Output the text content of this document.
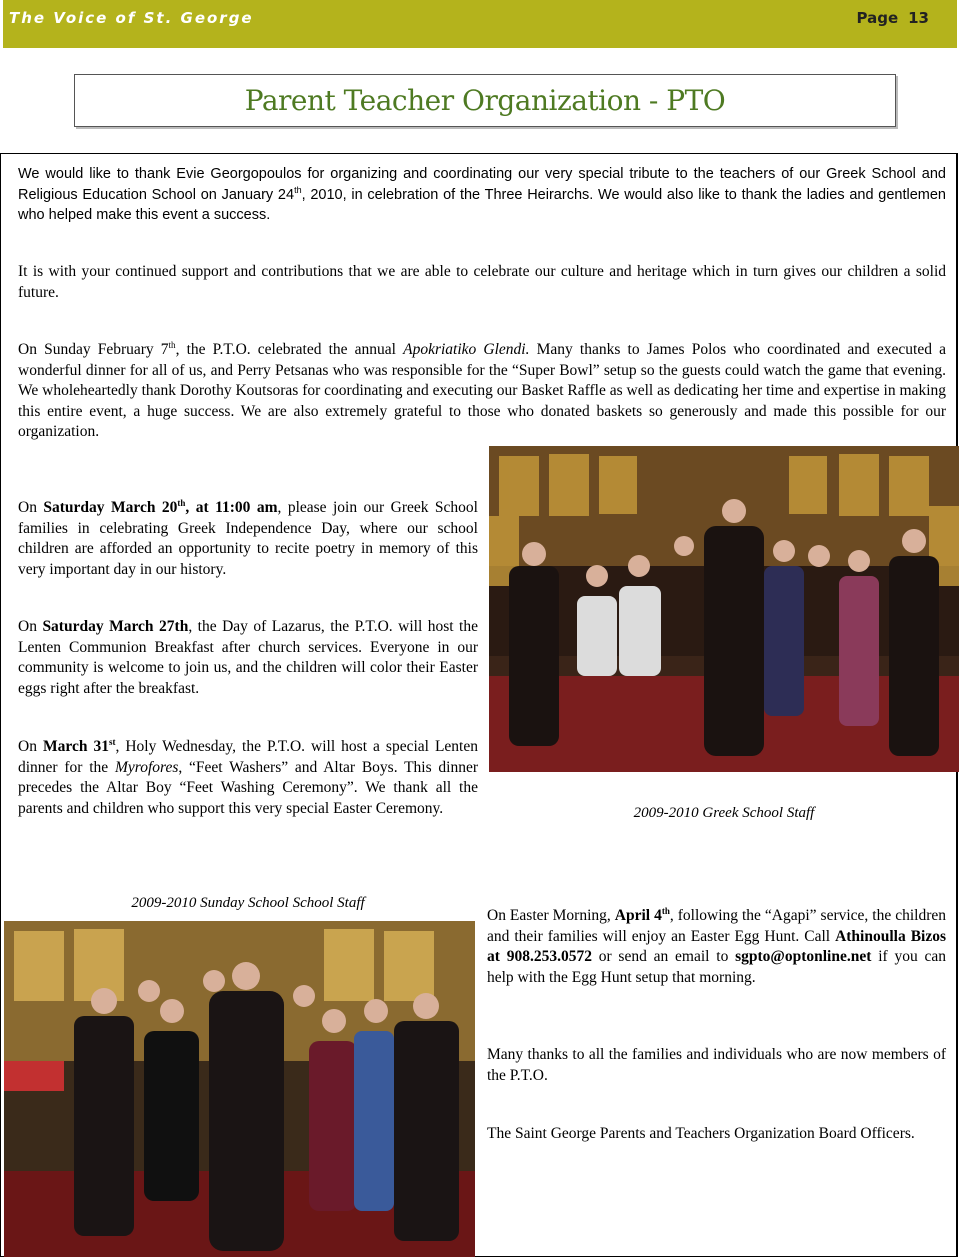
The Voice of St. George	Page 13
Parent Teacher Organization - PTO

We would like to thank Evie Georgopoulos for organizing and coordinating our very special tribute to the teachers of our Greek School and Religious Education School on January 24th, 2010, in celebration of the Three Heirarchs. We would also like to thank the ladies and gentlemen who helped make this event a success.

It is with your continued support and contributions that we are able to celebrate our culture and heritage which in turn gives our children a solid future.

On Sunday February 7th, the P.T.O. celebrated the annual Apokriatiko Glendi. Many thanks to James Polos who coordinated and executed a wonderful dinner for all of us, and Perry Petsanas who was responsible for the “Super Bowl” setup so the guests could watch the game that evening. We wholeheartedly thank Dorothy Koutsoras for coordinating and executing our Basket Raffle as well as dedicating her time and expertise in making this entire event, a huge success. We are also extremely grateful to those who donated baskets so generously and made this possible for our organization.

2009-2010 Greek School Staff

On Saturday March 20th, at 11:00 am, please join our Greek School families in celebrating Greek Independence Day, where our school children are afforded an opportunity to recite poetry in memory of this very important day in our history.

On Saturday March 27th, the Day of Lazarus, the P.T.O. will host the Lenten Communion Breakfast after church services. Everyone in our community is welcome to join us, and the children will color their Easter eggs right after the breakfast.

On March 31st, Holy Wednesday, the P.T.O. will host a special Lenten dinner for the Myrofores, “Feet Washers” and Altar Boys. This dinner precedes the Altar Boy “Feet Washing Ceremony”. We thank all the parents and children who support this very special Easter Ceremony.

2009-2010 Sunday School School Staff

On Easter Morning, April 4th, following the “Agapi” service, the children and their families will enjoy an Easter Egg Hunt. Call Athinoulla Bizos at 908.253.0572 or send an email to sgpto@optonline.net if you can help with the Egg Hunt setup that morning.

Many thanks to all the families and individuals who are now members of the P.T.O.

The Saint George Parents and Teachers Organization Board Officers.
